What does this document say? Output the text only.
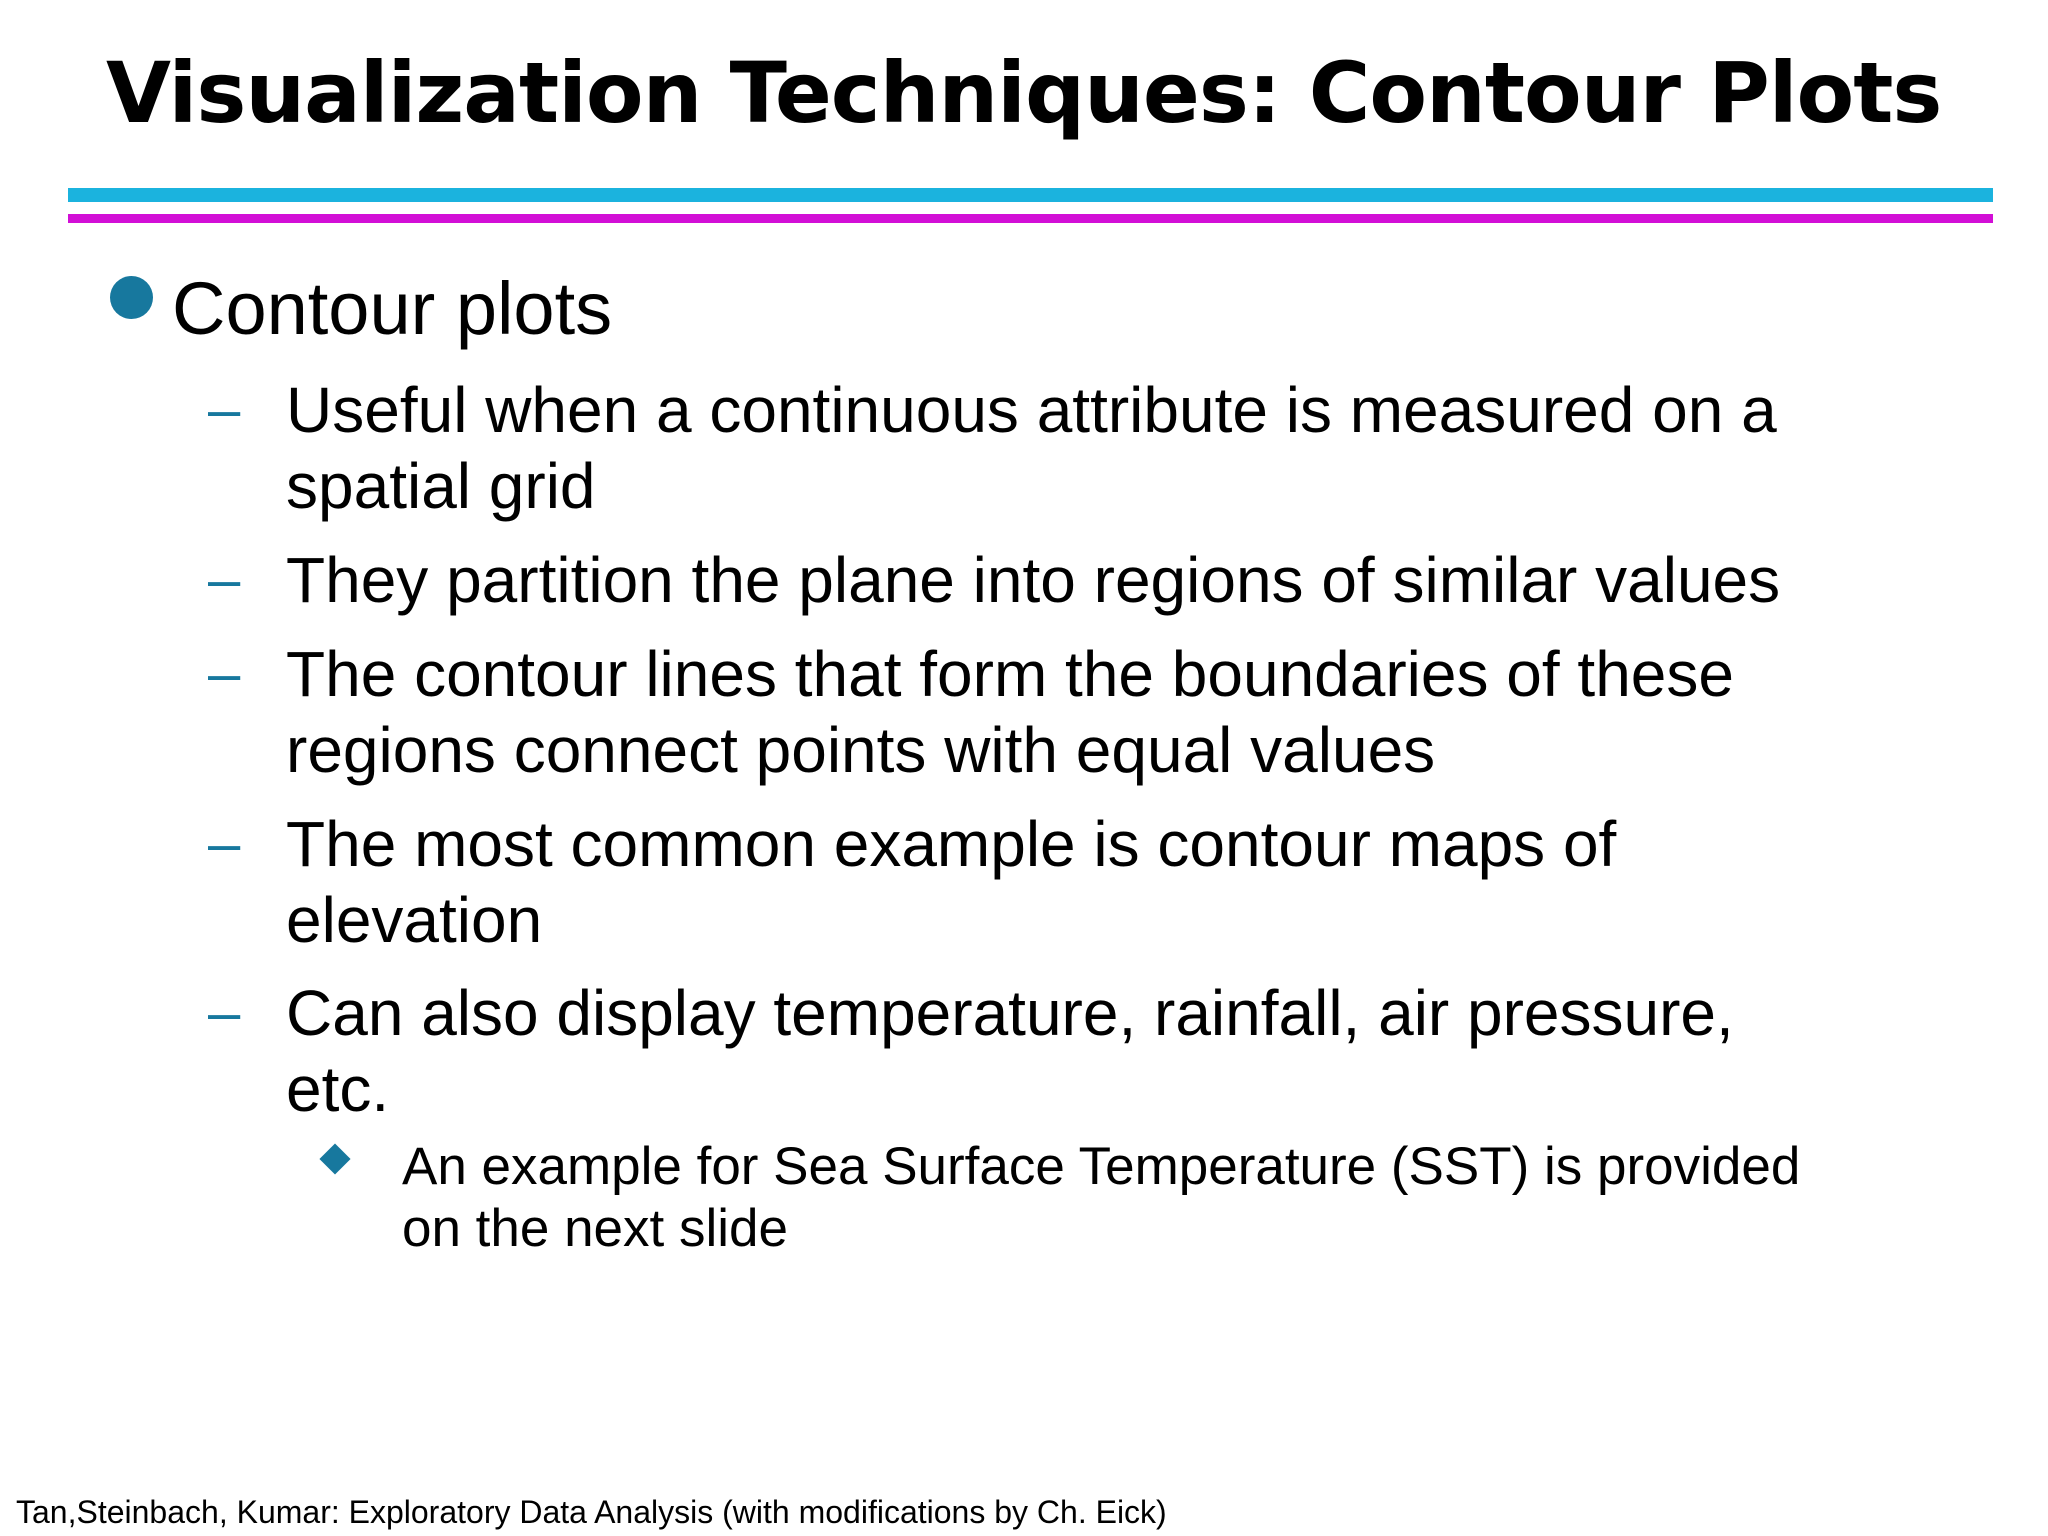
Visualization Techniques: Contour Plots
Contour plots
– Useful when a continuous attribute is measured on a
spatial grid
– They partition the plane into regions of similar values
– The contour lines that form the boundaries of these
regions connect points with equal values
– The most common example is contour maps of
elevation
– Can also display temperature, rainfall, air pressure,
etc.
An example for Sea Surface Temperature (SST) is provided
on the next slide
Tan,Steinbach, Kumar: Exploratory Data Analysis (with modifications by Ch. Eick)
